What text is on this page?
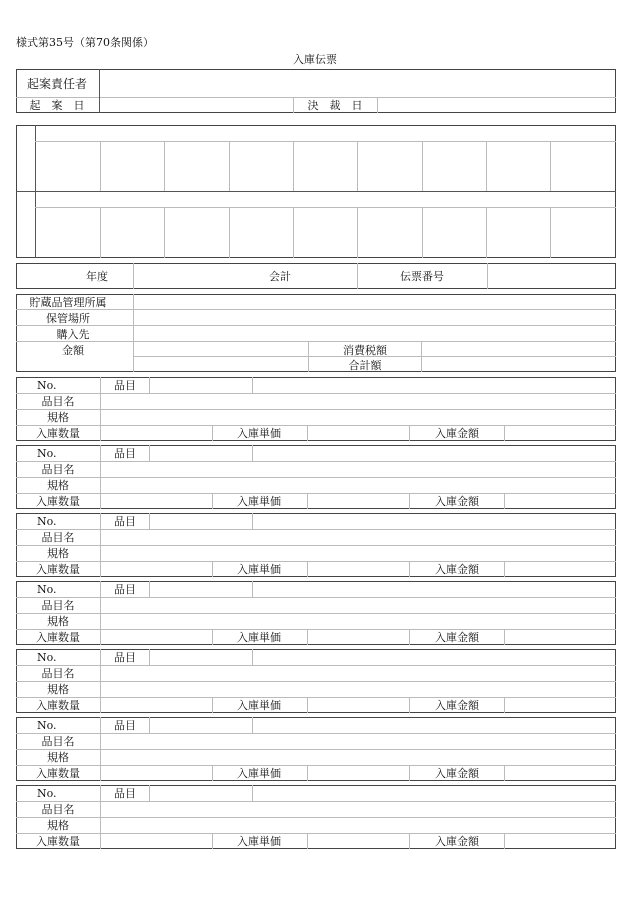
様式第35号（第70条関係）
入庫伝票
起案責任者
起　案　日	決　裁　日
年度	会計	伝票番号
貯蔵品管理所属
保管場所
購入先
金額	消費税額
合計額
No.	品目
品目名
規格
入庫数量	入庫単価	入庫金額
No.	品目
品目名
規格
入庫数量	入庫単価	入庫金額
No.	品目
品目名
規格
入庫数量	入庫単価	入庫金額
No.	品目
品目名
規格
入庫数量	入庫単価	入庫金額
No.	品目
品目名
規格
入庫数量	入庫単価	入庫金額
No.	品目
品目名
規格
入庫数量	入庫単価	入庫金額
No.	品目
品目名
規格
入庫数量	入庫単価	入庫金額
